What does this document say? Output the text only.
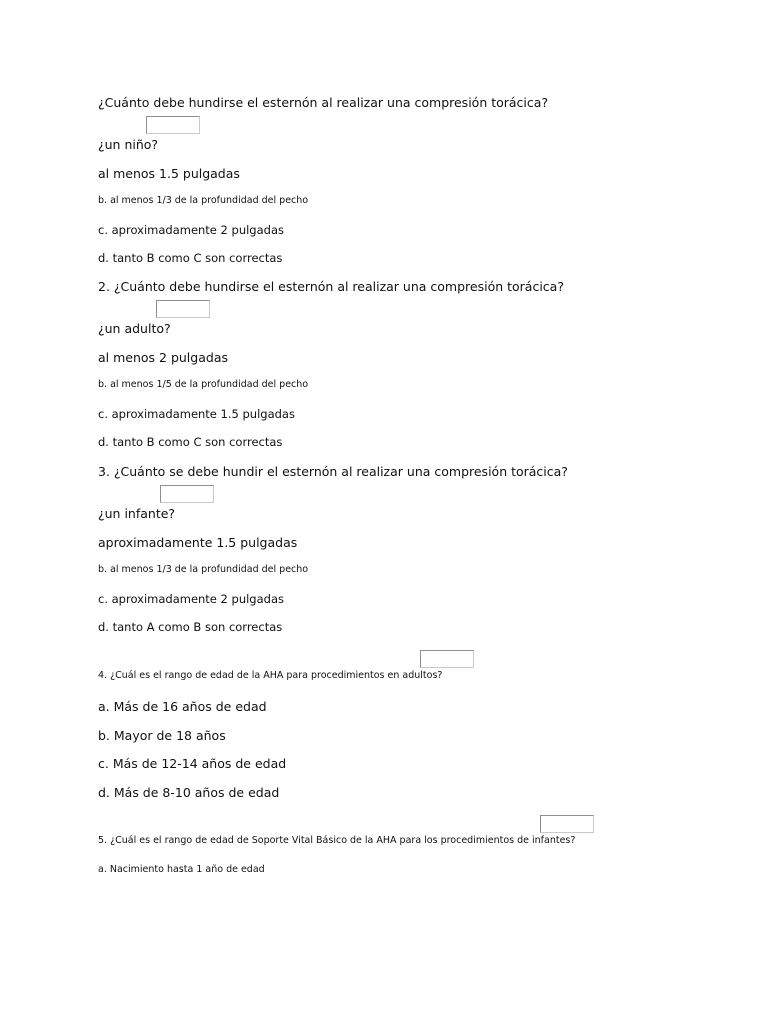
¿Cuánto debe hundirse el esternón al realizar una compresión torácica?
¿un niño?
al menos 1.5 pulgadas
b. al menos 1/3 de la profundidad del pecho
c. aproximadamente 2 pulgadas
d. tanto B como C son correctas
2. ¿Cuánto debe hundirse el esternón al realizar una compresión torácica?
¿un adulto?
al menos 2 pulgadas
b. al menos 1/5 de la profundidad del pecho
c. aproximadamente 1.5 pulgadas
d. tanto B como C son correctas
3. ¿Cuánto se debe hundir el esternón al realizar una compresión torácica?
¿un infante?
aproximadamente 1.5 pulgadas
b. al menos 1/3 de la profundidad del pecho
c. aproximadamente 2 pulgadas
d. tanto A como B son correctas
4. ¿Cuál es el rango de edad de la AHA para procedimientos en adultos?
a. Más de 16 años de edad
b. Mayor de 18 años
c. Más de 12-14 años de edad
d. Más de 8-10 años de edad
5. ¿Cuál es el rango de edad de Soporte Vital Básico de la AHA para los procedimientos de infantes?
a. Nacimiento hasta 1 año de edad
